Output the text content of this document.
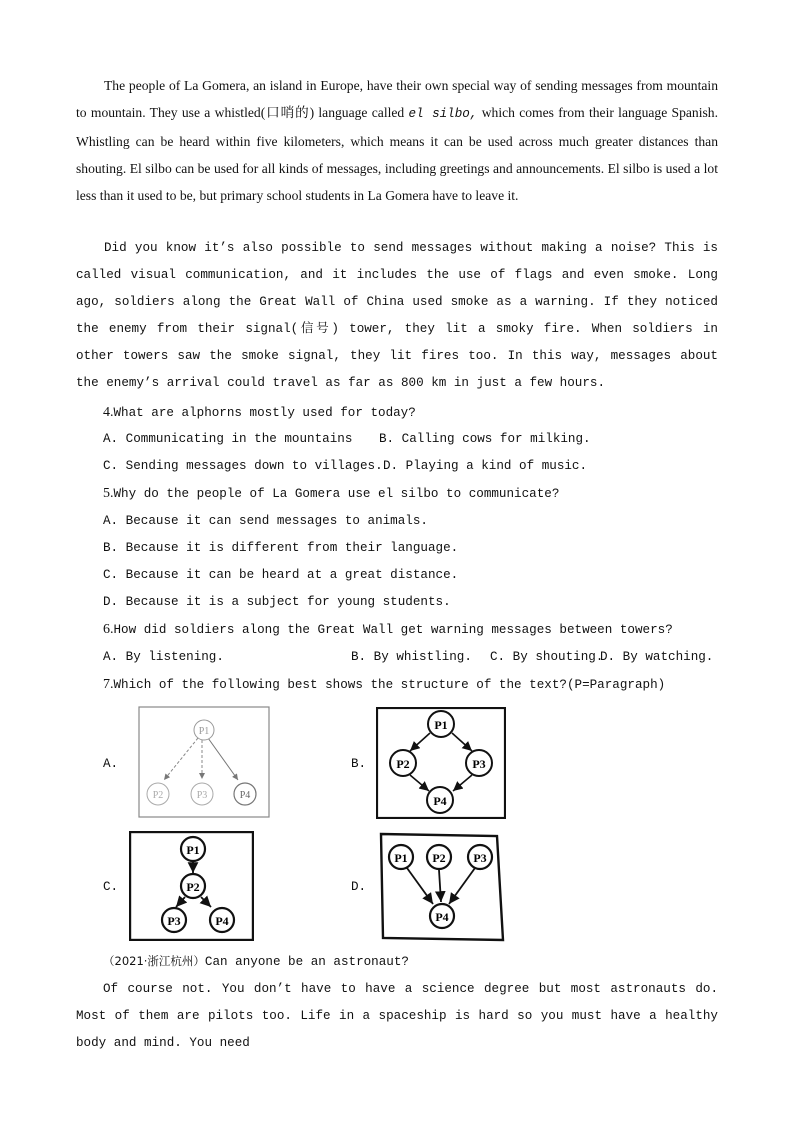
The people of La Gomera, an island in Europe, have their own special way of sending messages from mountain to mountain. They use a whistled(口哨的) language called el silbo, which comes from their language Spanish. Whistling can be heard within five kilometers, which means it can be used across much greater distances than shouting. El silbo can be used for all kinds of messages, including greetings and announcements. El silbo is used a lot less than it used to be, but primary school students in La Gomera have to leave it.

Did you know it’s also possible to send messages without making a noise? This is called visual communication, and it includes the use of flags and even smoke. Long ago, soldiers along the Great Wall of China used smoke as a warning. If they noticed the enemy from their signal(信号) tower, they lit a smoky fire. When soldiers in other towers saw the smoke signal, they lit fires too. In this way, messages about the enemy’s arrival could travel as far as 800 km in just a few hours.

4.What are alphorns mostly used for today?
A. Communicating in the mountains B. Calling cows for milking.
C. Sending messages down to villages. D. Playing a kind of music.
5.Why do the people of La Gomera use el silbo to communicate?
A. Because it can send messages to animals.
B. Because it is different from their language.
C. Because it can be heard at a great distance.
D. Because it is a subject for young students.
6.How did soldiers along the Great Wall get warning messages between towers?
A. By listening.	B. By whistling. C. By shouting.
D. By watching.
7.Which of the following best shows the structure of the text?(P=Paragraph)
A.	B.
C.	D.
P1
P2	P3	P4
P1
P2	P3
P4
P1
P2
P3	P4
P1 P2 P3
P4
（2021·浙江杭州）Can anyone be an astronaut?

Of course not. You don’t have to have a science degree but most astronauts do. Most of them are pilots too. Life in a spaceship is hard so you must have a healthy body and mind. You need
